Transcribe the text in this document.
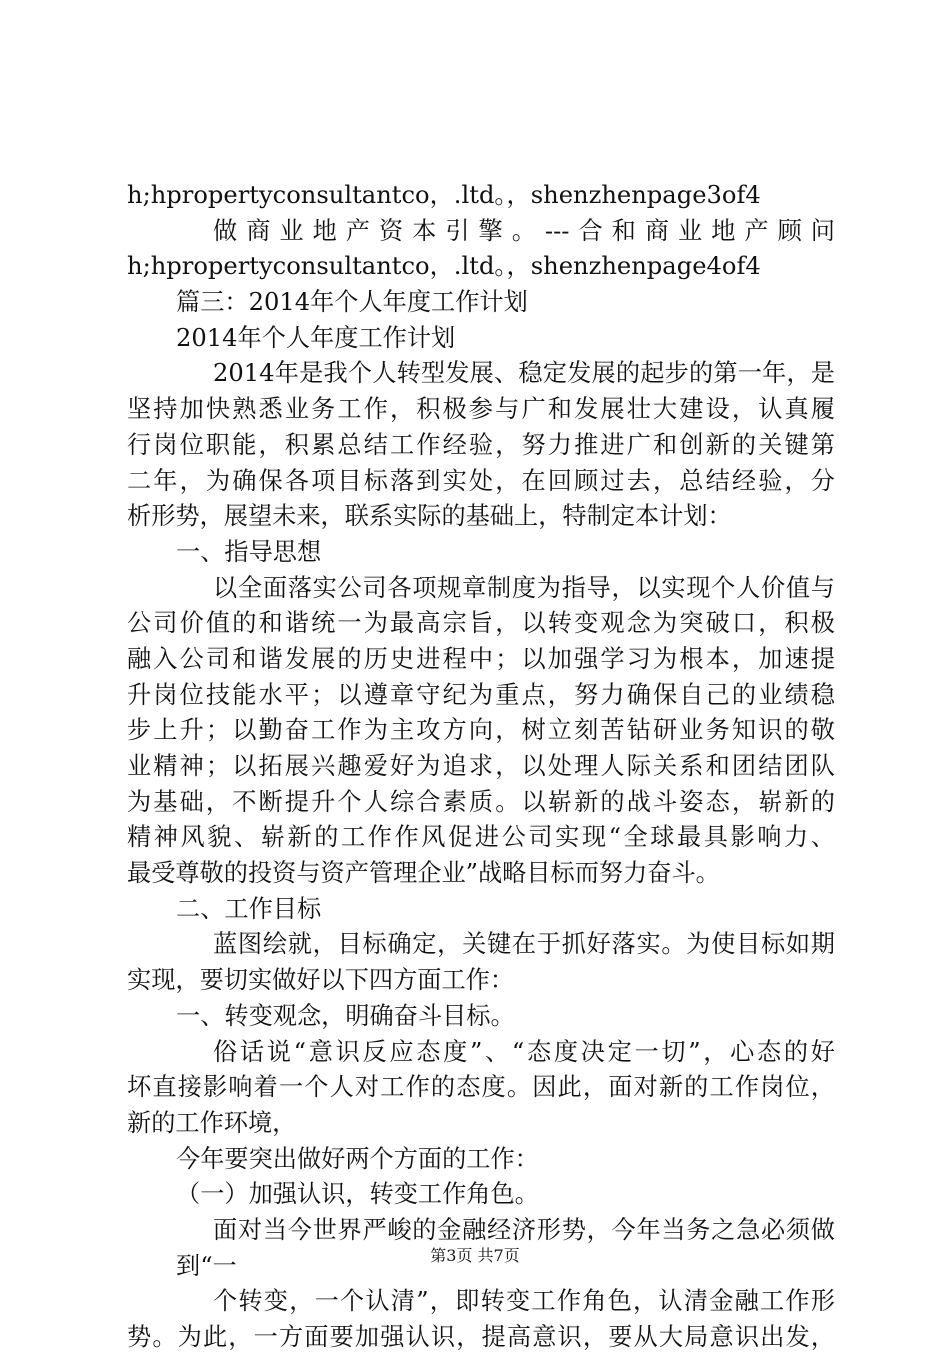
h;hpropertyconsultantco，.ltd。，shenzhenpage3of4
做商业地产资本引擎。---合和商业地产顾问
h;hpropertyconsultantco，.ltd。，shenzhenpage4of4
篇三：2014年个人年度工作计划
2014年个人年度工作计划
2014年是我个人转型发展、稳定发展的起步的第一年，是
坚持加快熟悉业务工作，积极参与广和发展壮大建设，认真履
行岗位职能，积累总结工作经验，努力推进广和创新的关键第
二年，为确保各项目标落到实处，在回顾过去，总结经验，分
析形势，展望未来，联系实际的基础上，特制定本计划：
一、指导思想
以全面落实公司各项规章制度为指导，以实现个人价值与
公司价值的和谐统一为最高宗旨，以转变观念为突破口，积极
融入公司和谐发展的历史进程中；以加强学习为根本，加速提
升岗位技能水平；以遵章守纪为重点，努力确保自己的业绩稳
步上升；以勤奋工作为主攻方向，树立刻苦钻研业务知识的敬
业精神；以拓展兴趣爱好为追求，以处理人际关系和团结团队
为基础，不断提升个人综合素质。以崭新的战斗姿态，崭新的
精神风貌、崭新的工作作风促进公司实现“全球最具影响力、
最受尊敬的投资与资产管理企业”战略目标而努力奋斗。
二、工作目标
蓝图绘就，目标确定，关键在于抓好落实。为使目标如期
实现，要切实做好以下四方面工作：
一、转变观念，明确奋斗目标。
俗话说“意识反应态度”、“态度决定一切”，心态的好
坏直接影响着一个人对工作的态度。因此，面对新的工作岗位，
新的工作环境，
今年要突出做好两个方面的工作：
（一）加强认识，转变工作角色。
面对当今世界严峻的金融经济形势，今年当务之急必须做
到“一
个转变，一个认清”，即转变工作角色，认清金融工作形
势。为此，一方面要加强认识，提高意识，要从大局意识出发，
第3页 共7页
